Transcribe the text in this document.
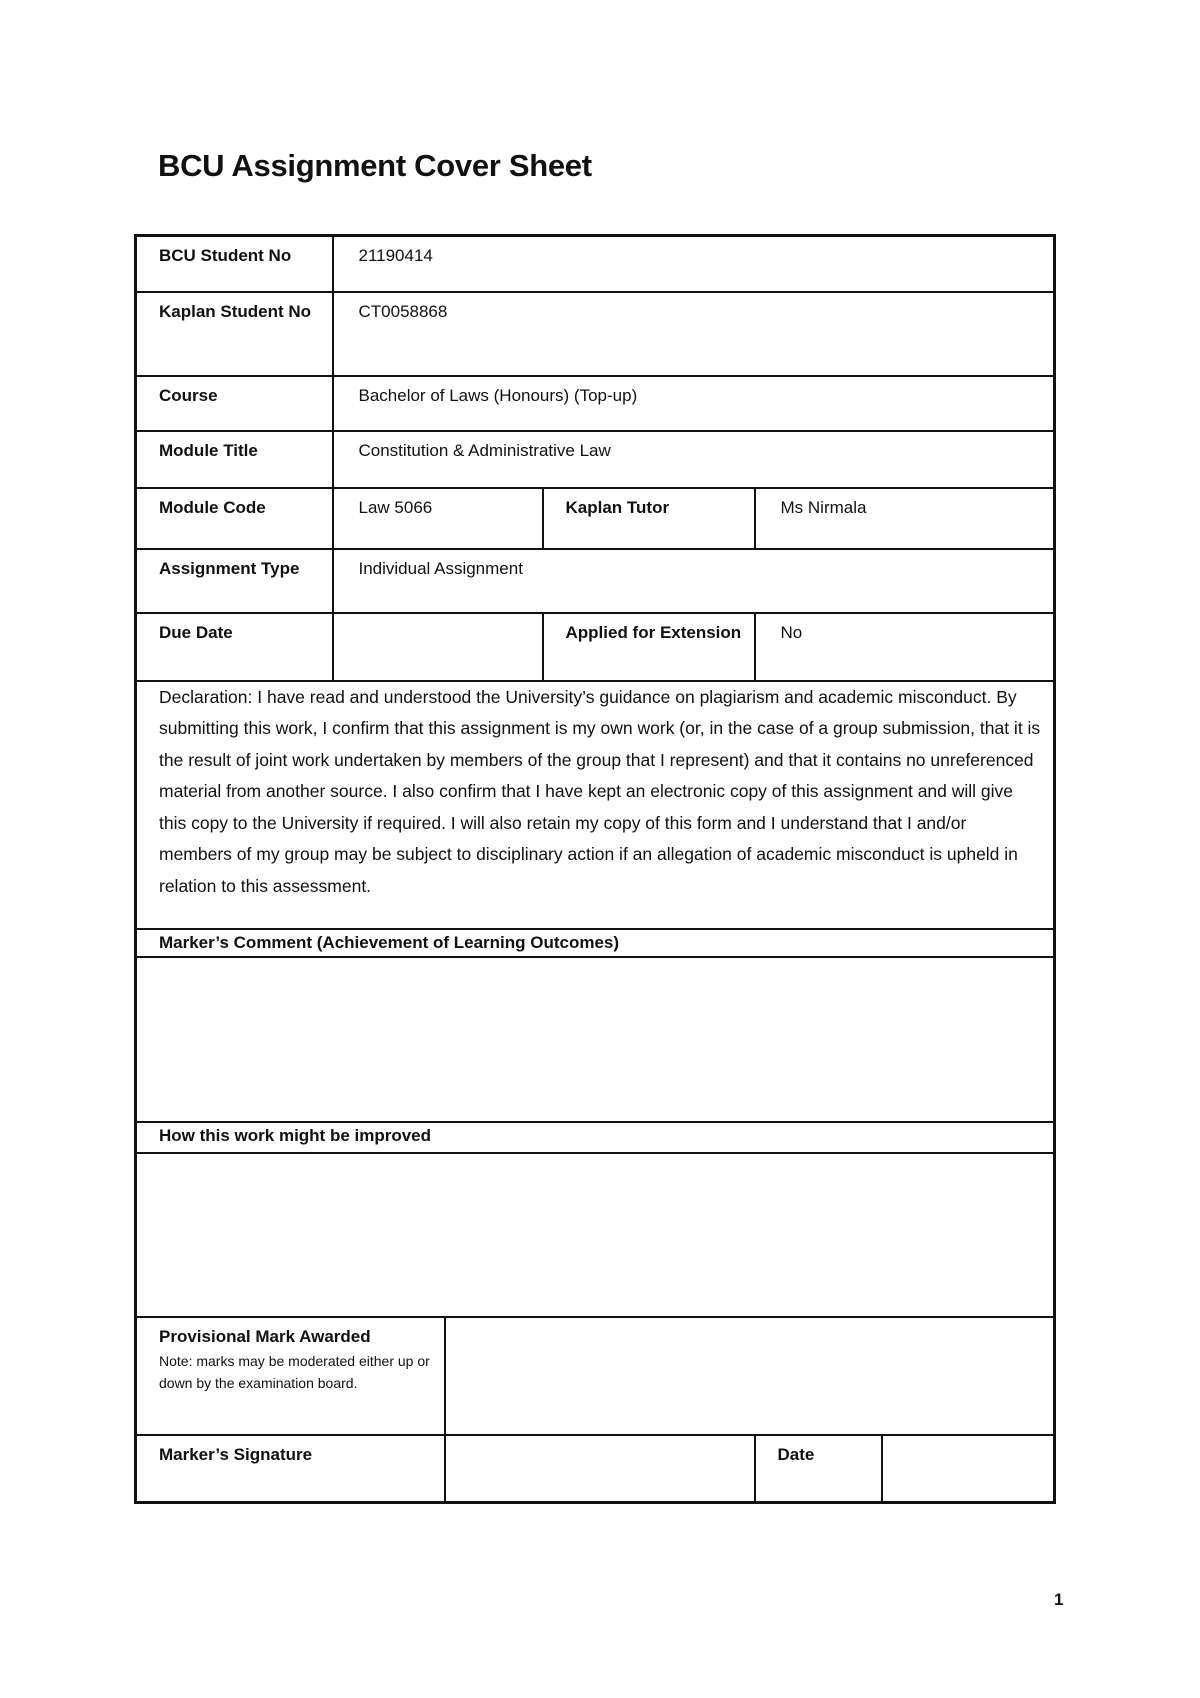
BCU Assignment Cover Sheet
BCU Student No	21190414				
Kaplan Student No	CT0058868				
Course	Bachelor of Laws (Honours) (Top-up)				
Module Title	Constitution & Administrative Law				
Module Code	Law 5066		Kaplan Tutor	Ms Nirmala	
Assignment Type	Individual Assignment				
Due Date			Applied for Extension	No	
Declaration: I have read and understood the University’s guidance on plagiarism and academic misconduct. By submitting this work, I confirm that this assignment is my own work (or, in the case of a group submission, that it is the result of joint work undertaken by members of the group that I represent) and that it contains no unreferenced material from another source. I also confirm that I have kept an electronic copy of this assignment and will give this copy to the University if required. I will also retain my copy of this form and I understand that I and/or members of my group may be subject to disciplinary action if an allegation of academic misconduct is upheld in relation to this assessment.					
Marker’s Comment (Achievement of Learning Outcomes)					

How this work might be improved					

Provisional Mark Awarded
Note: marks may be moderated either up or down by the examination board.					

Marker’s Signature				Date	
1
